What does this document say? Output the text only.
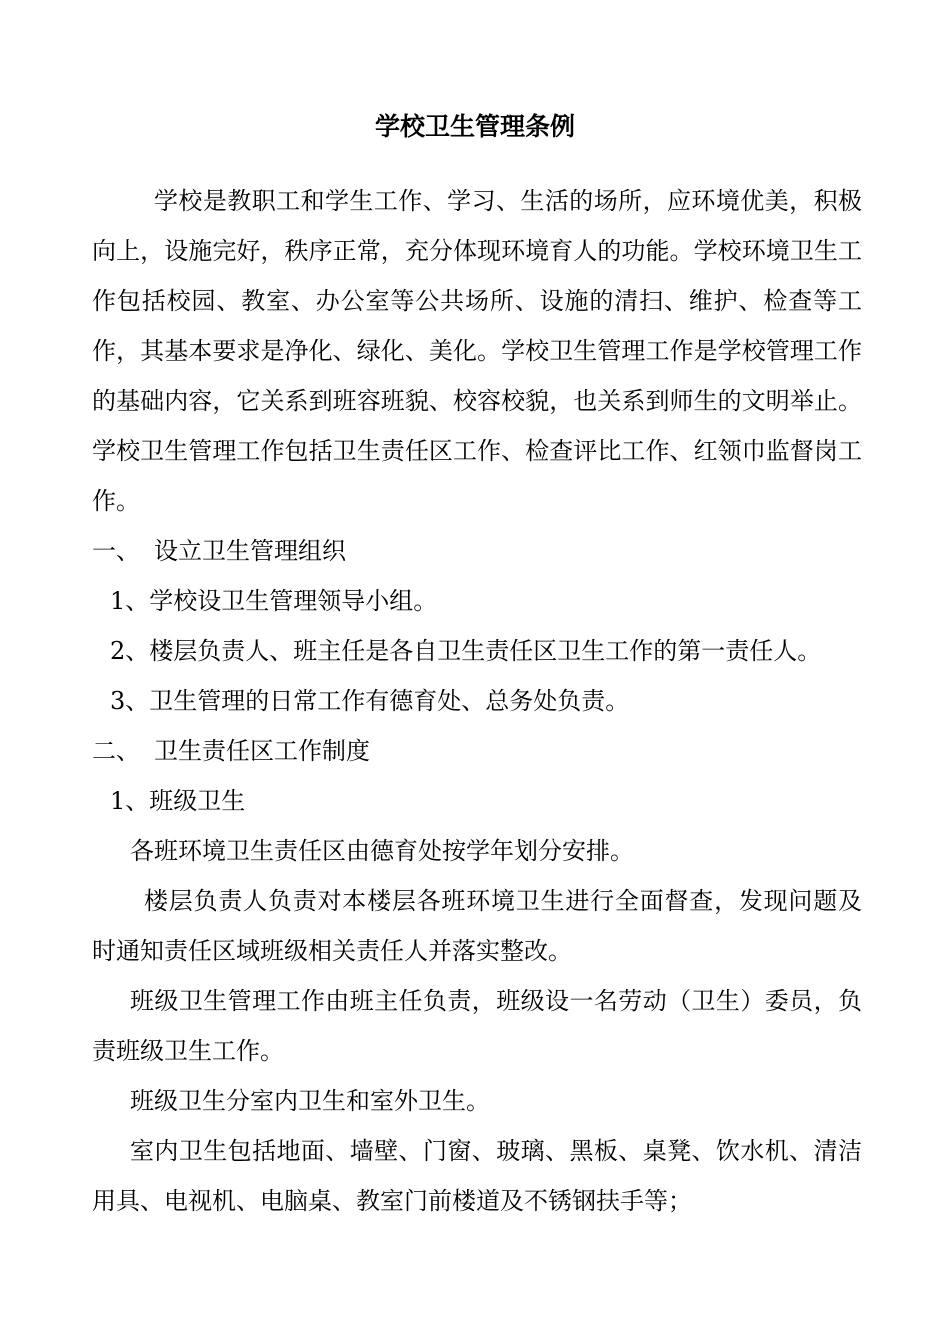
学校卫生管理条例

学校是教职工和学生工作、学习、生活的场所，应环境优美，积极向上，设施完好，秩序正常，充分体现环境育人的功能。学校环境卫生工作包括校园、教室、办公室等公共场所、设施的清扫、维护、检查等工作，其基本要求是净化、绿化、美化。学校卫生管理工作是学校管理工作的基础内容，它关系到班容班貌、校容校貌，也关系到师生的文明举止。学校卫生管理工作包括卫生责任区工作、检查评比工作、红领巾监督岗工作。

一、 设立卫生管理组织

1、学校设卫生管理领导小组。

2、楼层负责人、班主任是各自卫生责任区卫生工作的第一责任人。

3、卫生管理的日常工作有德育处、总务处负责。

二、 卫生责任区工作制度

1、班级卫生

各班环境卫生责任区由德育处按学年划分安排。

楼层负责人负责对本楼层各班环境卫生进行全面督查，发现问题及时通知责任区域班级相关责任人并落实整改。

班级卫生管理工作由班主任负责，班级设一名劳动（卫生）委员，负责班级卫生工作。

班级卫生分室内卫生和室外卫生。

室内卫生包括地面、墙壁、门窗、玻璃、黑板、桌凳、饮水机、清洁用具、电视机、电脑桌、教室门前楼道及不锈钢扶手等；
